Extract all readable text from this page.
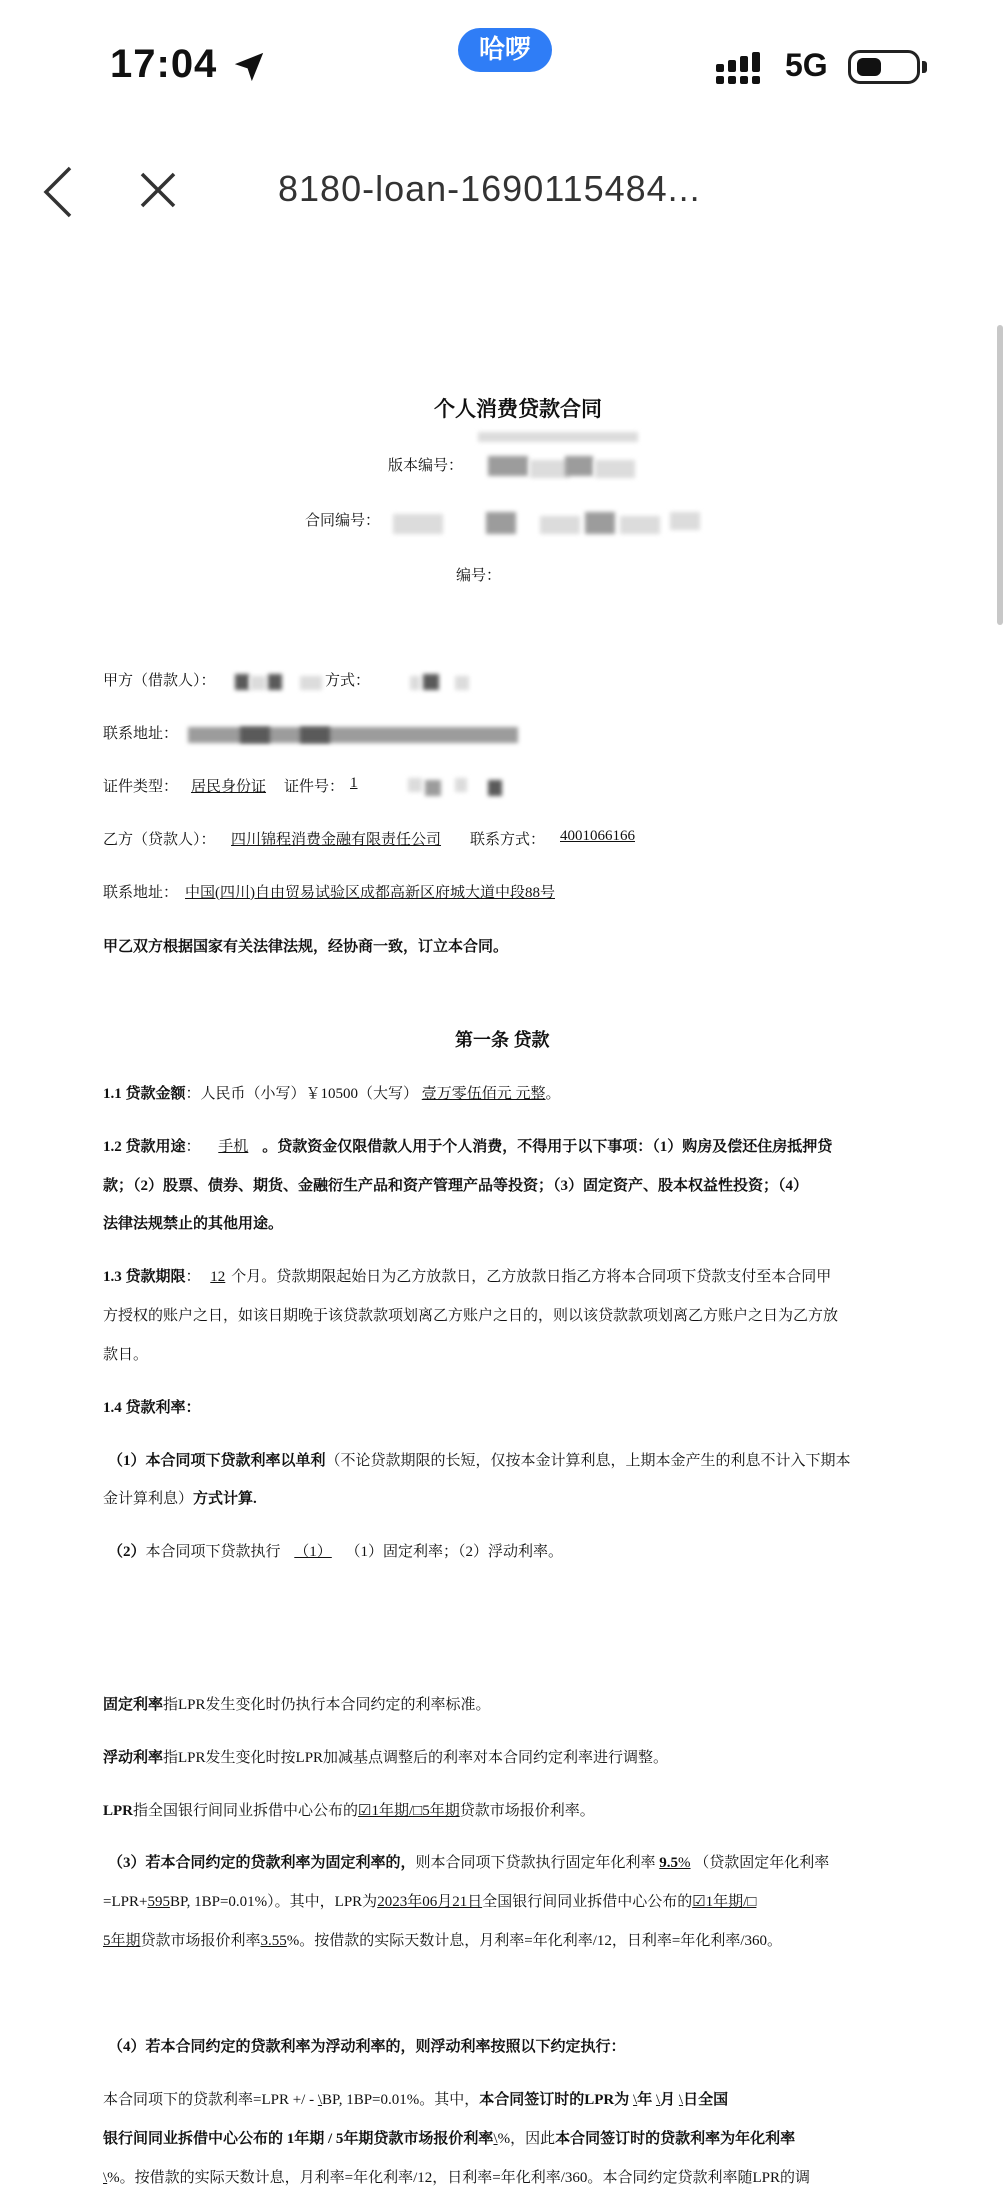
17:04	哈啰	5G
8180-loan-1690115484...
个人消费贷款合同
版本编号：
合同编号：
编号：
甲方（借款人）：	方式：
联系地址：
证件类型： 居民身份证 证件号： 1
乙方（贷款人）： 四川锦程消费金融有限责任公司 联系方式： 4001066166
联系地址： 中国(四川)自由贸易试验区成都高新区府城大道中段88号
甲乙双方根据国家有关法律法规，经协商一致，订立本合同。
第一条 贷款
1.1 贷款金额：人民币（小写）￥10500（大写） 壹万零伍佰元 元整。
1.2 贷款用途： 手机 。贷款资金仅限借款人用于个人消费，不得用于以下事项：（1）购房及偿还住房抵押贷
款；（2）股票、债券、期货、金融衍生产品和资产管理产品等投资；（3）固定资产、股本权益性投资；（4）
法律法规禁止的其他用途。
1.3 贷款期限： 12 个月。贷款期限起始日为乙方放款日，乙方放款日指乙方将本合同项下贷款支付至本合同甲
方授权的账户之日，如该日期晚于该贷款款项划离乙方账户之日的，则以该贷款款项划离乙方账户之日为乙方放
款日。
1.4 贷款利率：
（1）本合同项下贷款利率以单利（不论贷款期限的长短，仅按本金计算利息，上期本金产生的利息不计入下期本
金计算利息）方式计算.
（2）本合同项下贷款执行 （1） （1）固定利率；（2）浮动利率。
固定利率指LPR发生变化时仍执行本合同约定的利率标准。
浮动利率指LPR发生变化时按LPR加减基点调整后的利率对本合同约定利率进行调整。
LPR指全国银行间同业拆借中心公布的☑1年期/□5年期贷款市场报价利率。
（3）若本合同约定的贷款利率为固定利率的，则本合同项下贷款执行固定年化利率 9.5% （贷款固定年化利率
=LPR+595BP, 1BP=0.01%）。其中，LPR为2023年06月21日全国银行间同业拆借中心公布的☑1年期/□
5年期贷款市场报价利率3.55%。按借款的实际天数计息，月利率=年化利率/12，日利率=年化利率/360。
（4）若本合同约定的贷款利率为浮动利率的，则浮动利率按照以下约定执行：
本合同项下的贷款利率=LPR +/ - \BP, 1BP=0.01%。其中，本合同签订时的LPR为 \年 \月 \日全国
银行间同业拆借中心公布的 1年期 / 5年期贷款市场报价利率\%，因此本合同签订时的贷款利率为年化利率
\%。按借款的实际天数计息，月利率=年化利率/12，日利率=年化利率/360。本合同约定贷款利率随LPR的调
